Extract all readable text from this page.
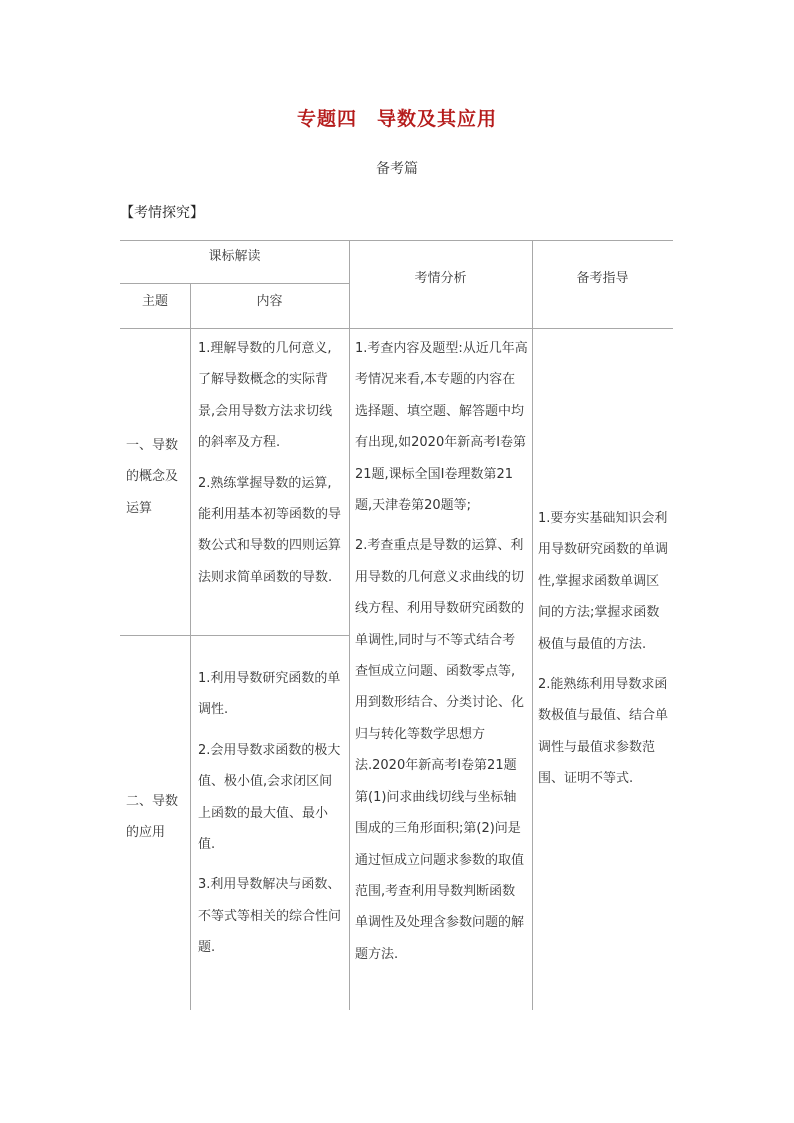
专题四　导数及其应用
备考篇
【考情探究】
课标解读
主题	内容
考情分析	备考指导
一、导数的概念及运算

1.理解导数的几何意义,了解导数概念的实际背景,会用导数方法求切线的斜率及方程.

2.熟练掌握导数的运算,能利用基本初等函数的导数公式和导数的四则运算法则求简单函数的导数.

二、导数的应用

1.利用导数研究函数的单调性.

2.会用导数求函数的极大值、极小值,会求闭区间上函数的最大值、最小值.

3.利用导数解决与函数、不等式等相关的综合性问题.

1.考查内容及题型:从近几年高考情况来看,本专题的内容在选择题、填空题、解答题中均有出现,如2020年新高考Ⅰ卷第21题,课标全国Ⅰ卷理数第21题,天津卷第20题等;

2.考查重点是导数的运算、利用导数的几何意义求曲线的切线方程、利用导数研究函数的单调性,同时与不等式结合考查恒成立问题、函数零点等,用到数形结合、分类讨论、化归与转化等数学思想方法.2020年新高考Ⅰ卷第21题第(1)问求曲线切线与坐标轴围成的三角形面积;第(2)问是通过恒成立问题求参数的取值范围,考查利用导数判断函数单调性及处理含参数问题的解题方法.

1.要夯实基础知识会利用导数研究函数的单调性,掌握求函数单调区间的方法;掌握求函数极值与最值的方法.

2.能熟练利用导数求函数极值与最值、结合单调性与最值求参数范围、证明不等式.
